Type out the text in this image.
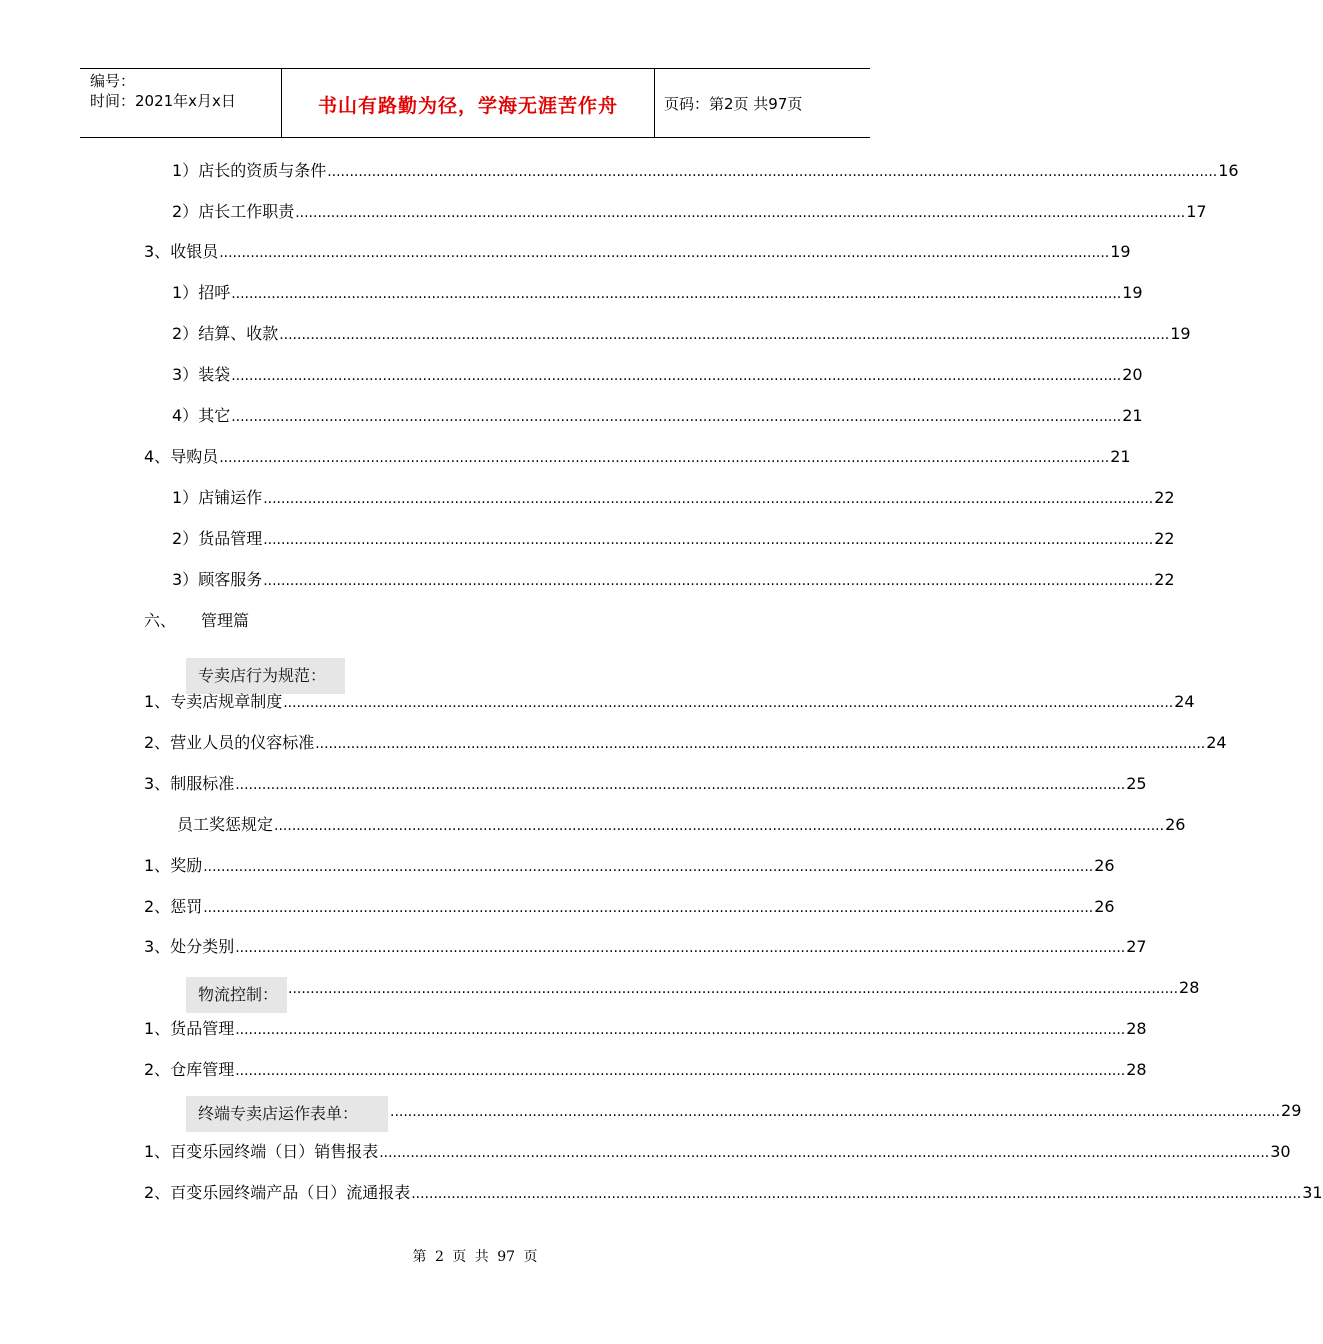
编号：
时间：2021年x月x日	书山有路勤为径，学海无涯苦作舟	页码：第2页 共97页
1） 店长的资质与条件 ........................................................................................................................................................................................................ 16
2） 店长工作职责 ........................................................................................................................................................................................................ 17
3、 收银员 ........................................................................................................................................................................................................ 19
1） 招呼 ........................................................................................................................................................................................................ 19
2） 结算、收款 ........................................................................................................................................................................................................ 19
3） 装袋 ........................................................................................................................................................................................................ 20
4） 其它 ........................................................................................................................................................................................................ 21
4、 导购员 ........................................................................................................................................................................................................ 21
1） 店铺运作 ........................................................................................................................................................................................................ 22
2） 货品管理 ........................................................................................................................................................................................................ 22
3） 顾客服务 ........................................................................................................................................................................................................ 22
六、 管理篇
专卖店行为规范：
1、 专卖店规章制度 ........................................................................................................................................................................................................ 24
2、 营业人员的仪容标准 ........................................................................................................................................................................................................ 24
3、 制服标准 ........................................................................................................................................................................................................ 25
员工奖惩规定 ........................................................................................................................................................................................................ 26
1、 奖励 ........................................................................................................................................................................................................ 26
2、 惩罚 ........................................................................................................................................................................................................ 26
3、 处分类别 ........................................................................................................................................................................................................ 27
物流控制： ........................................................................................................................................................................................................ 28
1、 货品管理 ........................................................................................................................................................................................................ 28
2、 仓库管理 ........................................................................................................................................................................................................ 28
终端专卖店运作表单：	........................................................................................................................................................................................................ 29
1、 百变乐园终端（日）销售报表 ........................................................................................................................................................................................................ 30
2、 百变乐园终端产品（日）流通报表 ........................................................................................................................................................................................................ 31
第 2 页 共 97 页
